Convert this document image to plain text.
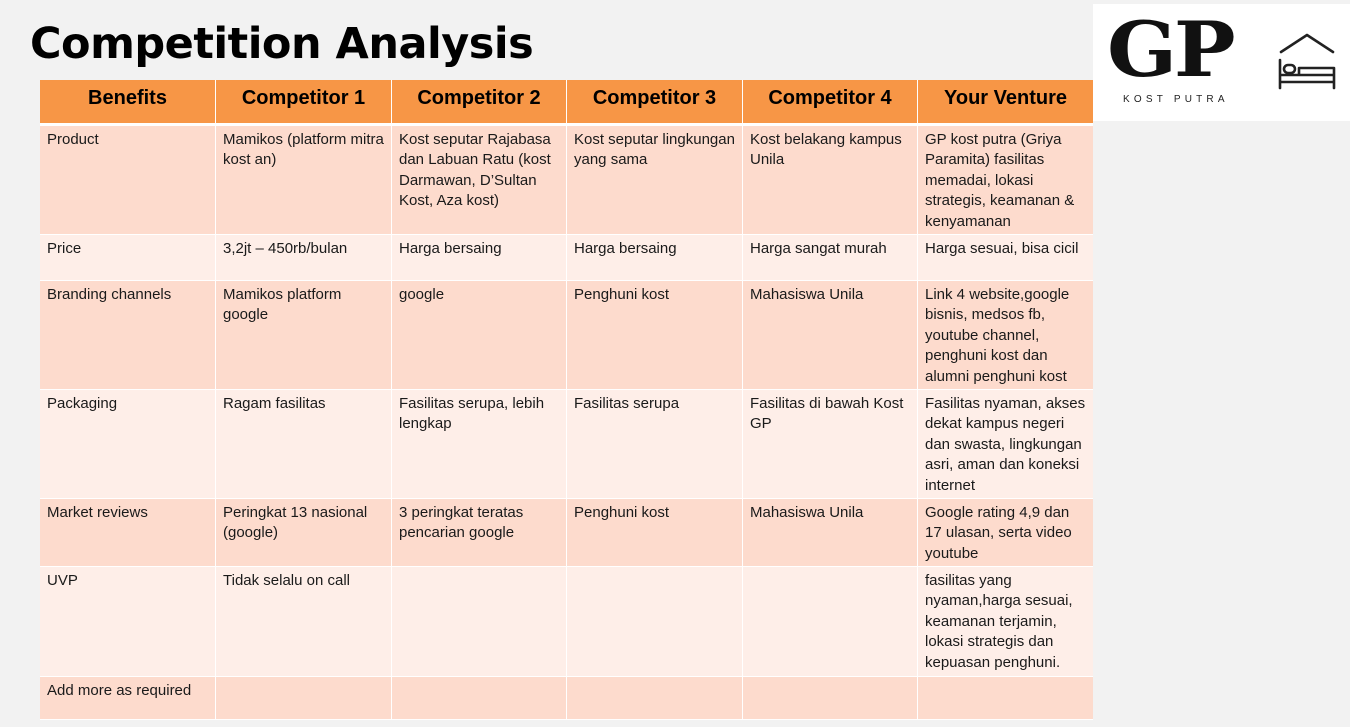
Competition Analysis	GP
KOST PUTRA
Benefits	Competitor 1	Competitor 2	Competitor 3	Competitor 4	Your Venture
Product	Mamikos (platform mitra kost an)	Kost seputar Rajabasa dan Labuan Ratu (kost Darmawan, D’Sultan Kost, Aza kost)	Kost seputar lingkungan yang sama	Kost belakang kampus Unila	GP kost putra (Griya Paramita) fasilitas memadai, lokasi strategis, keamanan & kenyamanan
Price	3,2jt – 450rb/bulan	Harga bersaing	Harga bersaing	Harga sangat murah	Harga sesuai, bisa cicil
Branding channels	Mamikos platform google	google	Penghuni kost	Mahasiswa Unila	Link 4 website,google bisnis, medsos fb, youtube channel, penghuni kost dan alumni penghuni kost
Packaging	Ragam fasilitas	Fasilitas serupa, lebih lengkap	Fasilitas serupa	Fasilitas di bawah Kost GP	Fasilitas nyaman, akses dekat kampus negeri dan swasta, lingkungan asri, aman dan koneksi internet
Market reviews	Peringkat 13 nasional (google)	3 peringkat teratas pencarian google	Penghuni kost	Mahasiswa Unila	Google rating 4,9 dan 17 ulasan, serta video youtube
UVP	Tidak selalu on call				fasilitas yang nyaman,harga sesuai, keamanan terjamin, lokasi strategis dan kepuasan penghuni.
Add more as required					
